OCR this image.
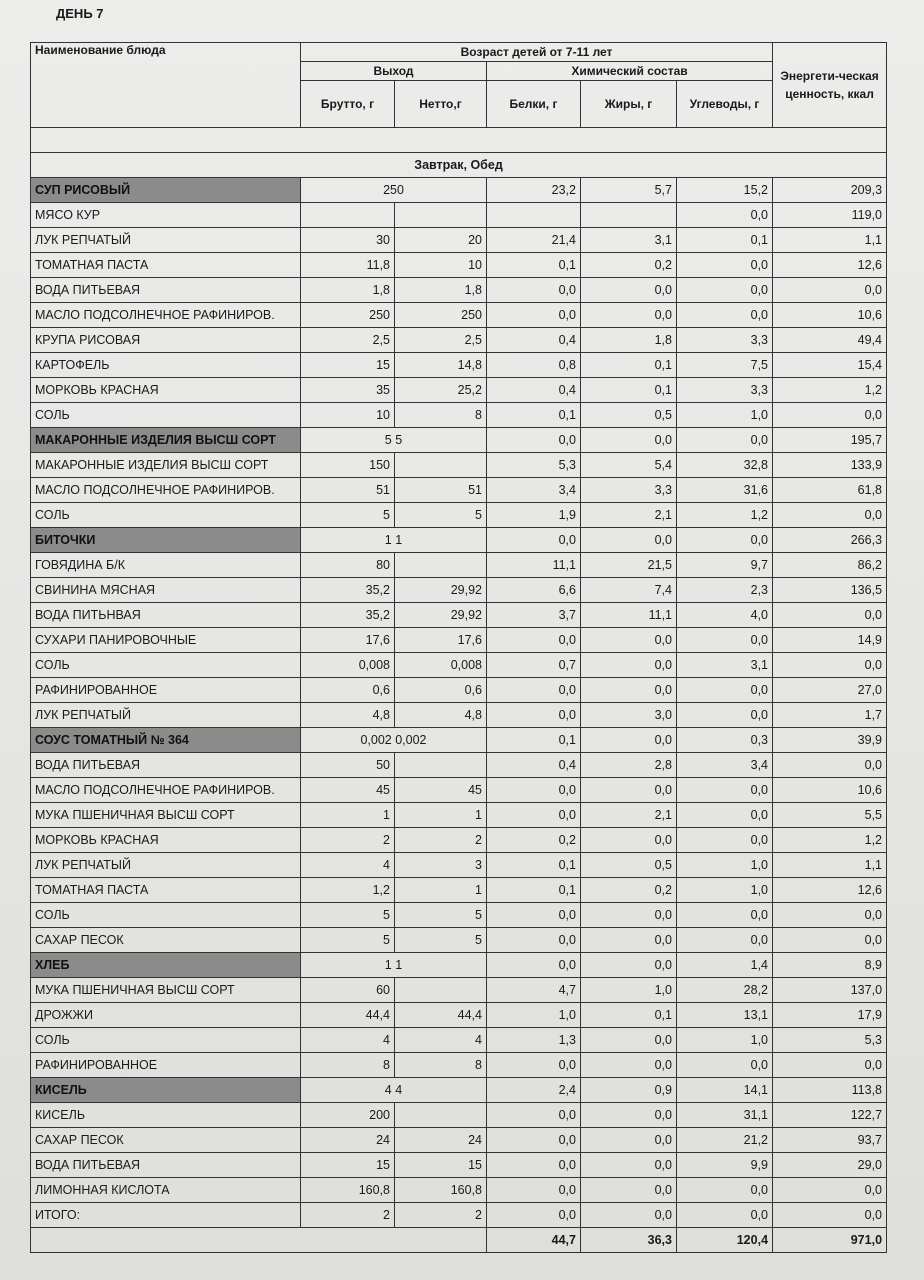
ДЕНЬ 7
Наименование блюда	Возраст детей от 7-11 лет					Энергети-ческая ценность, ккал
	Выход		Химический состав			
	Брутто, г	Нетто,г	Белки, г	Жиры, г	Углеводы, г	

Завтрак, Обед						
СУП РИСОВЫЙ	250		23,2	5,7	15,2	209,3
МЯСО КУР					0,0	119,0
ЛУК РЕПЧАТЫЙ	30	20	21,4	3,1	0,1	1,1
ТОМАТНАЯ ПАСТА	11,8	10	0,1	0,2	0,0	12,6
ВОДА ПИТЬЕВАЯ	1,8	1,8	0,0	0,0	0,0	0,0
МАСЛО ПОДСОЛНЕЧНОЕ РАФИНИРОВ.	250	250	0,0	0,0	0,0	10,6
КРУПА РИСОВАЯ	2,5	2,5	0,4	1,8	3,3	49,4
КАРТОФЕЛЬ	15	14,8	0,8	0,1	7,5	15,4
МОРКОВЬ КРАСНАЯ	35	25,2	0,4	0,1	3,3	1,2
СОЛЬ	10	8	0,1	0,5	1,0	0,0
МАКАРОННЫЕ ИЗДЕЛИЯ ВЫСШ СОРТ	5 5		0,0	0,0	0,0	195,7
МАКАРОННЫЕ ИЗДЕЛИЯ ВЫСШ СОРТ	150		5,3	5,4	32,8	133,9
МАСЛО ПОДСОЛНЕЧНОЕ РАФИНИРОВ.	51	51	3,4	3,3	31,6	61,8
СОЛЬ	5	5	1,9	2,1	1,2	0,0
БИТОЧКИ	1 1		0,0	0,0	0,0	266,3
ГОВЯДИНА Б/К	80		11,1	21,5	9,7	86,2
СВИНИНА МЯСНАЯ	35,2	29,92	6,6	7,4	2,3	136,5
ВОДА ПИТЬНВАЯ	35,2	29,92	3,7	11,1	4,0	0,0
СУХАРИ ПАНИРОВОЧНЫЕ	17,6	17,6	0,0	0,0	0,0	14,9
СОЛЬ	0,008	0,008	0,7	0,0	3,1	0,0
РАФИНИРОВАННОЕ	0,6	0,6	0,0	0,0	0,0	27,0
ЛУК РЕПЧАТЫЙ	4,8	4,8	0,0	3,0	0,0	1,7
СОУС ТОМАТНЫЙ № 364	0,002 0,002		0,1	0,0	0,3	39,9
ВОДА ПИТЬЕВАЯ	50		0,4	2,8	3,4	0,0
МАСЛО ПОДСОЛНЕЧНОЕ РАФИНИРОВ.	45	45	0,0	0,0	0,0	10,6
МУКА ПШЕНИЧНАЯ ВЫСШ СОРТ	1	1	0,0	2,1	0,0	5,5
МОРКОВЬ КРАСНАЯ	2	2	0,2	0,0	0,0	1,2
ЛУК РЕПЧАТЫЙ	4	3	0,1	0,5	1,0	1,1
ТОМАТНАЯ ПАСТА	1,2	1	0,1	0,2	1,0	12,6
СОЛЬ	5	5	0,0	0,0	0,0	0,0
САХАР ПЕСОК	5	5	0,0	0,0	0,0	0,0
ХЛЕБ	1 1		0,0	0,0	1,4	8,9
МУКА ПШЕНИЧНАЯ ВЫСШ СОРТ	60		4,7	1,0	28,2	137,0
ДРОЖЖИ	44,4	44,4	1,0	0,1	13,1	17,9
СОЛЬ	4	4	1,3	0,0	1,0	5,3
РАФИНИРОВАННОЕ	8	8	0,0	0,0	0,0	0,0
КИСЕЛЬ	4 4		2,4	0,9	14,1	113,8
КИСЕЛЬ	200		0,0	0,0	31,1	122,7
САХАР ПЕСОК	24	24	0,0	0,0	21,2	93,7
ВОДА ПИТЬЕВАЯ	15	15	0,0	0,0	9,9	29,0
ЛИМОННАЯ КИСЛОТА	160,8	160,8	0,0	0,0	0,0	0,0
ИТОГО:	2	2	0,0	0,0	0,0	0,0
			44,7	36,3	120,4	971,0
